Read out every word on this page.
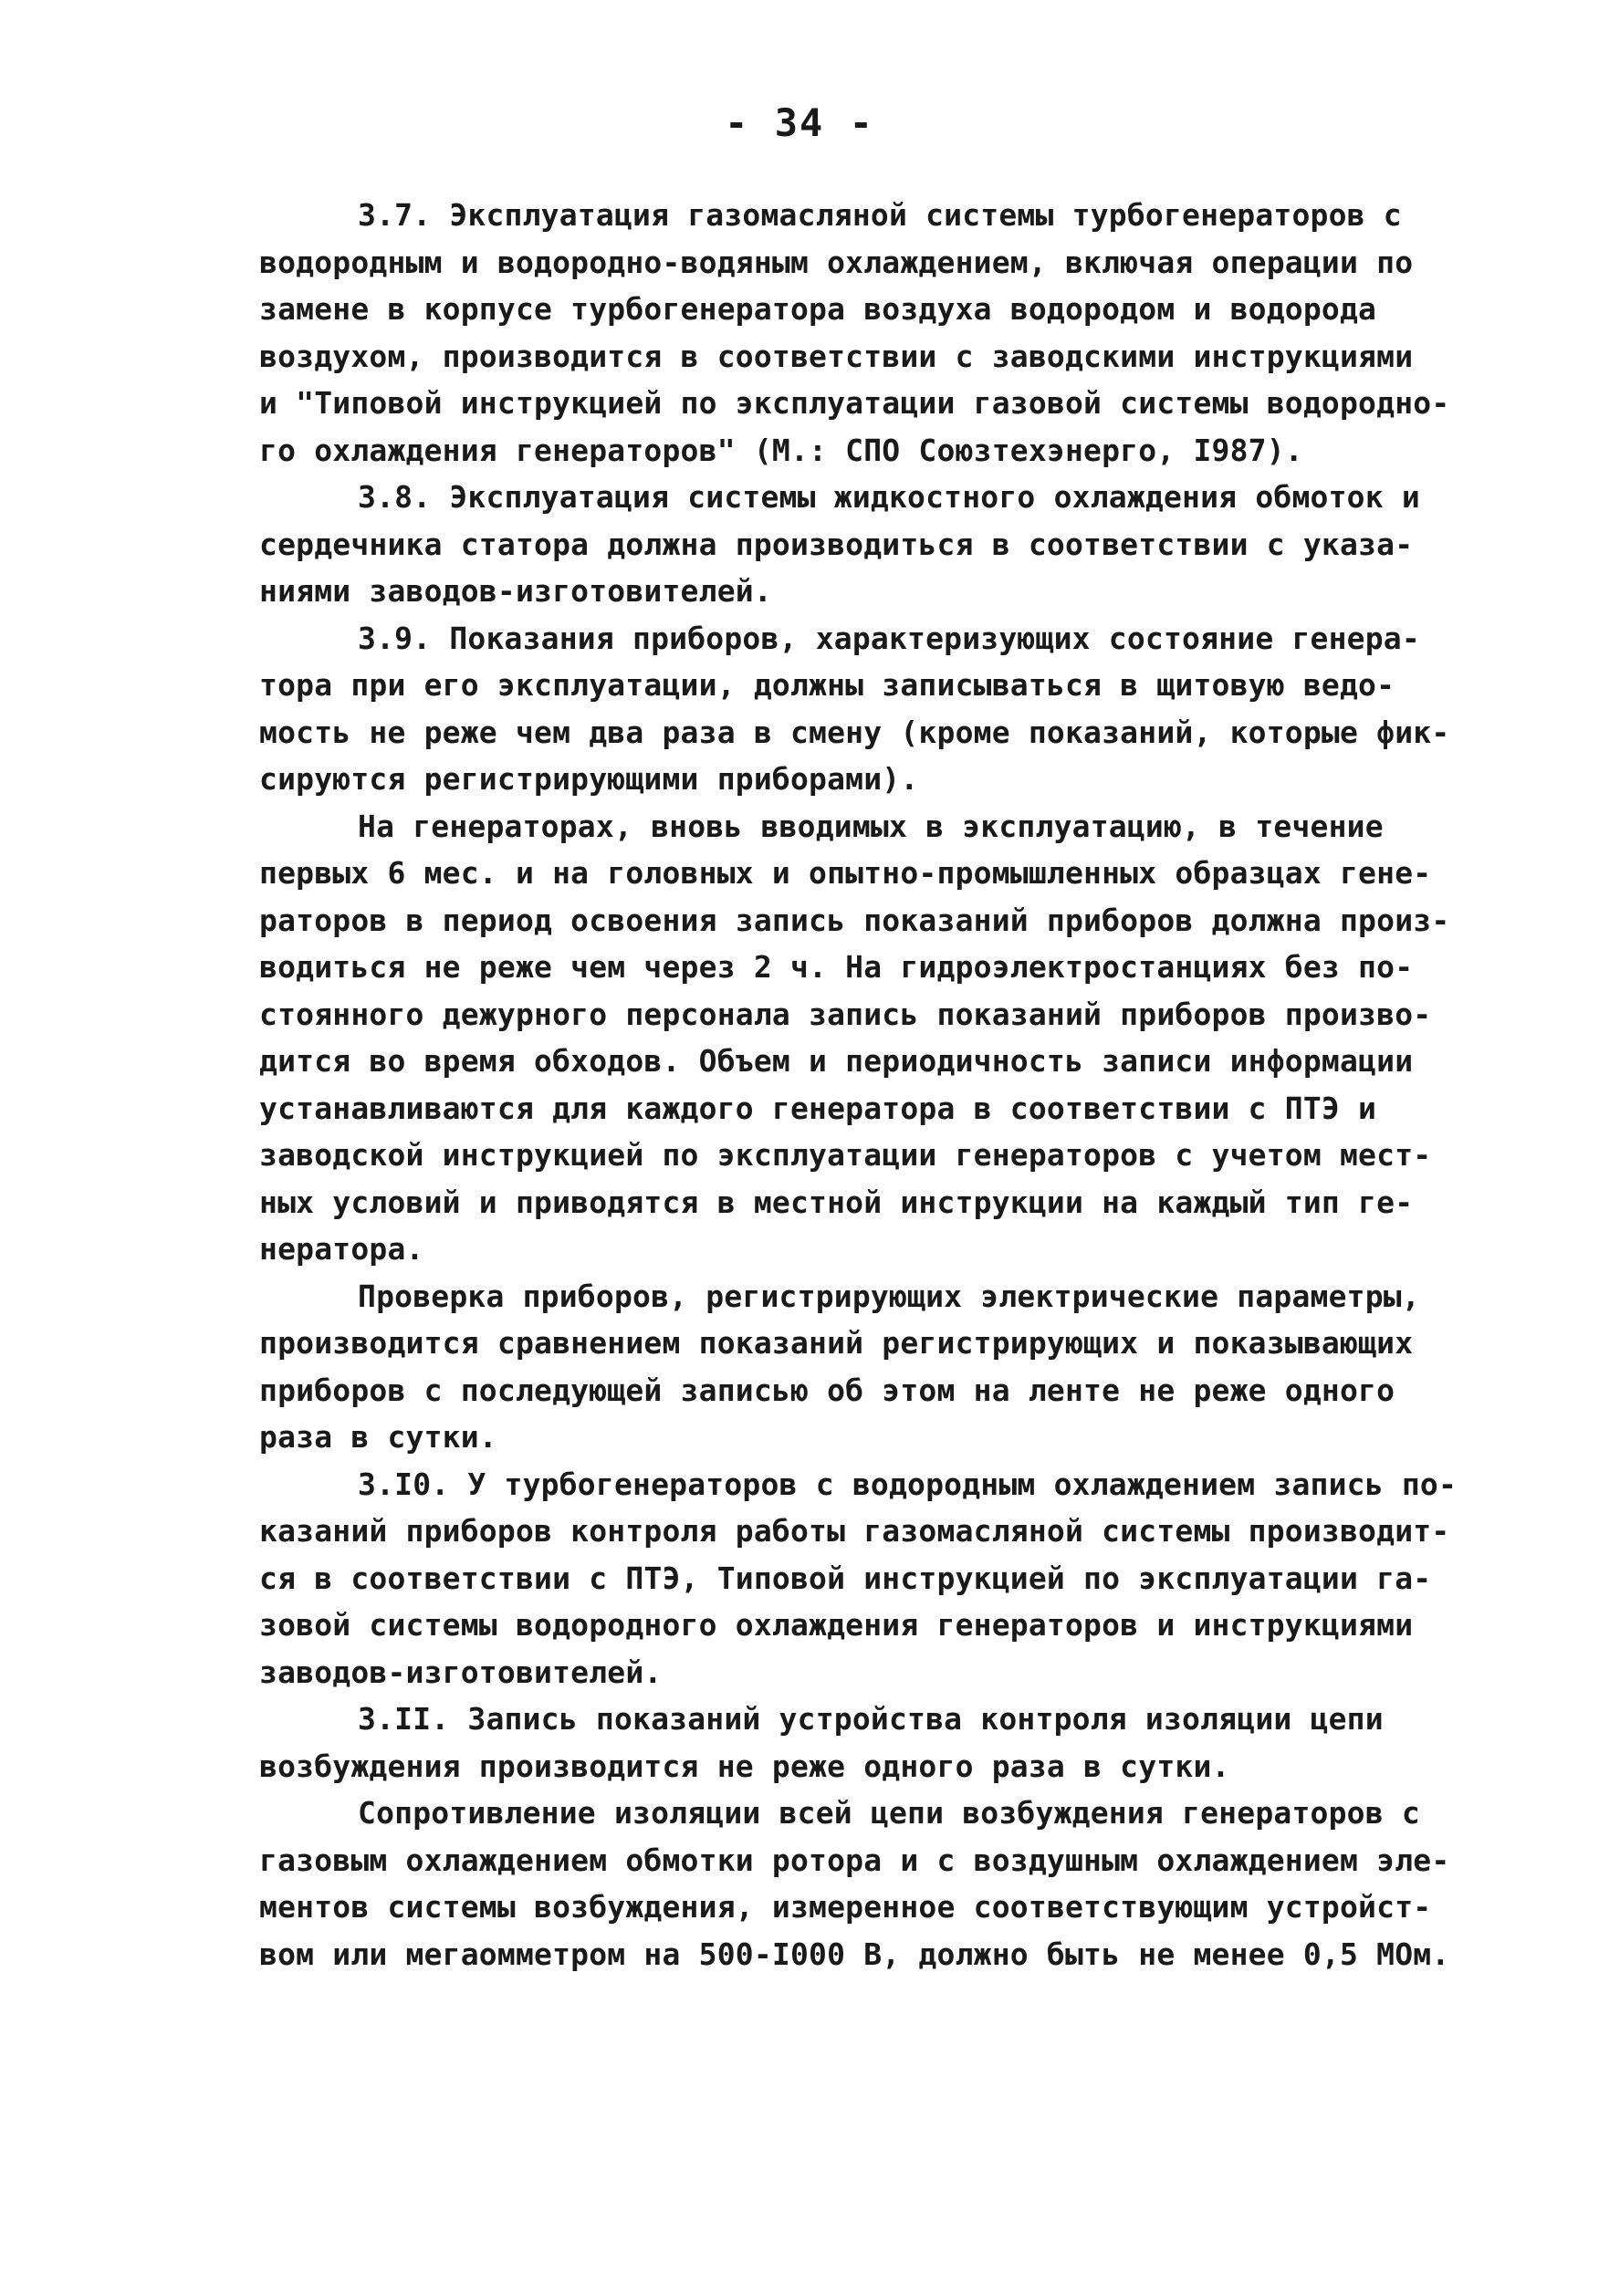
- 34 -
3.7. Эксплуатация газомасляной системы турбогенераторов с
водородным и водородно-водяным охлаждением, включая операции по
замене в корпусе турбогенератора воздуха водородом и водорода
воздухом, производится в соответствии с заводскими инструкциями
и "Типовой инструкцией по эксплуатации газовой системы водородно-
го охлаждения генераторов" (М.: СПО Союзтехэнерго, I987).
3.8. Эксплуатация системы жидкостного охлаждения обмоток и
сердечника статора должна производиться в соответствии с указа-
ниями заводов-изготовителей.
3.9. Показания приборов, характеризующих состояние генера-
тора при его эксплуатации, должны записываться в щитовую ведо-
мость не реже чем два раза в смену (кроме показаний, которые фик-
сируются регистрирующими приборами).
На генераторах, вновь вводимых в эксплуатацию, в течение
первых 6 мес. и на головных и опытно-промышленных образцах гене-
раторов в период освоения запись показаний приборов должна произ-
водиться не реже чем через 2 ч. На гидроэлектростанциях без по-
стоянного дежурного персонала запись показаний приборов произво-
дится во время обходов. Объем и периодичность записи информации
устанавливаются для каждого генератора в соответствии с ПТЭ и
заводской инструкцией по эксплуатации генераторов с учетом мест-
ных условий и приводятся в местной инструкции на каждый тип ге-
нератора.
Проверка приборов, регистрирующих электрические параметры,
производится сравнением показаний регистрирующих и показывающих
приборов с последующей записью об этом на ленте не реже одного
раза в сутки.
3.I0. У турбогенераторов с водородным охлаждением запись по-
казаний приборов контроля работы газомасляной системы производит-
ся в соответствии с ПТЭ, Типовой инструкцией по эксплуатации га-
зовой системы водородного охлаждения генераторов и инструкциями
заводов-изготовителей.
3.II. Запись показаний устройства контроля изоляции цепи
возбуждения производится не реже одного раза в сутки.
Сопротивление изоляции всей цепи возбуждения генераторов с
газовым охлаждением обмотки ротора и с воздушным охлаждением эле-
ментов системы возбуждения, измеренное соответствующим устройст-
вом или мегаомметром на 500-I000 В, должно быть не менее 0,5 МОм.
